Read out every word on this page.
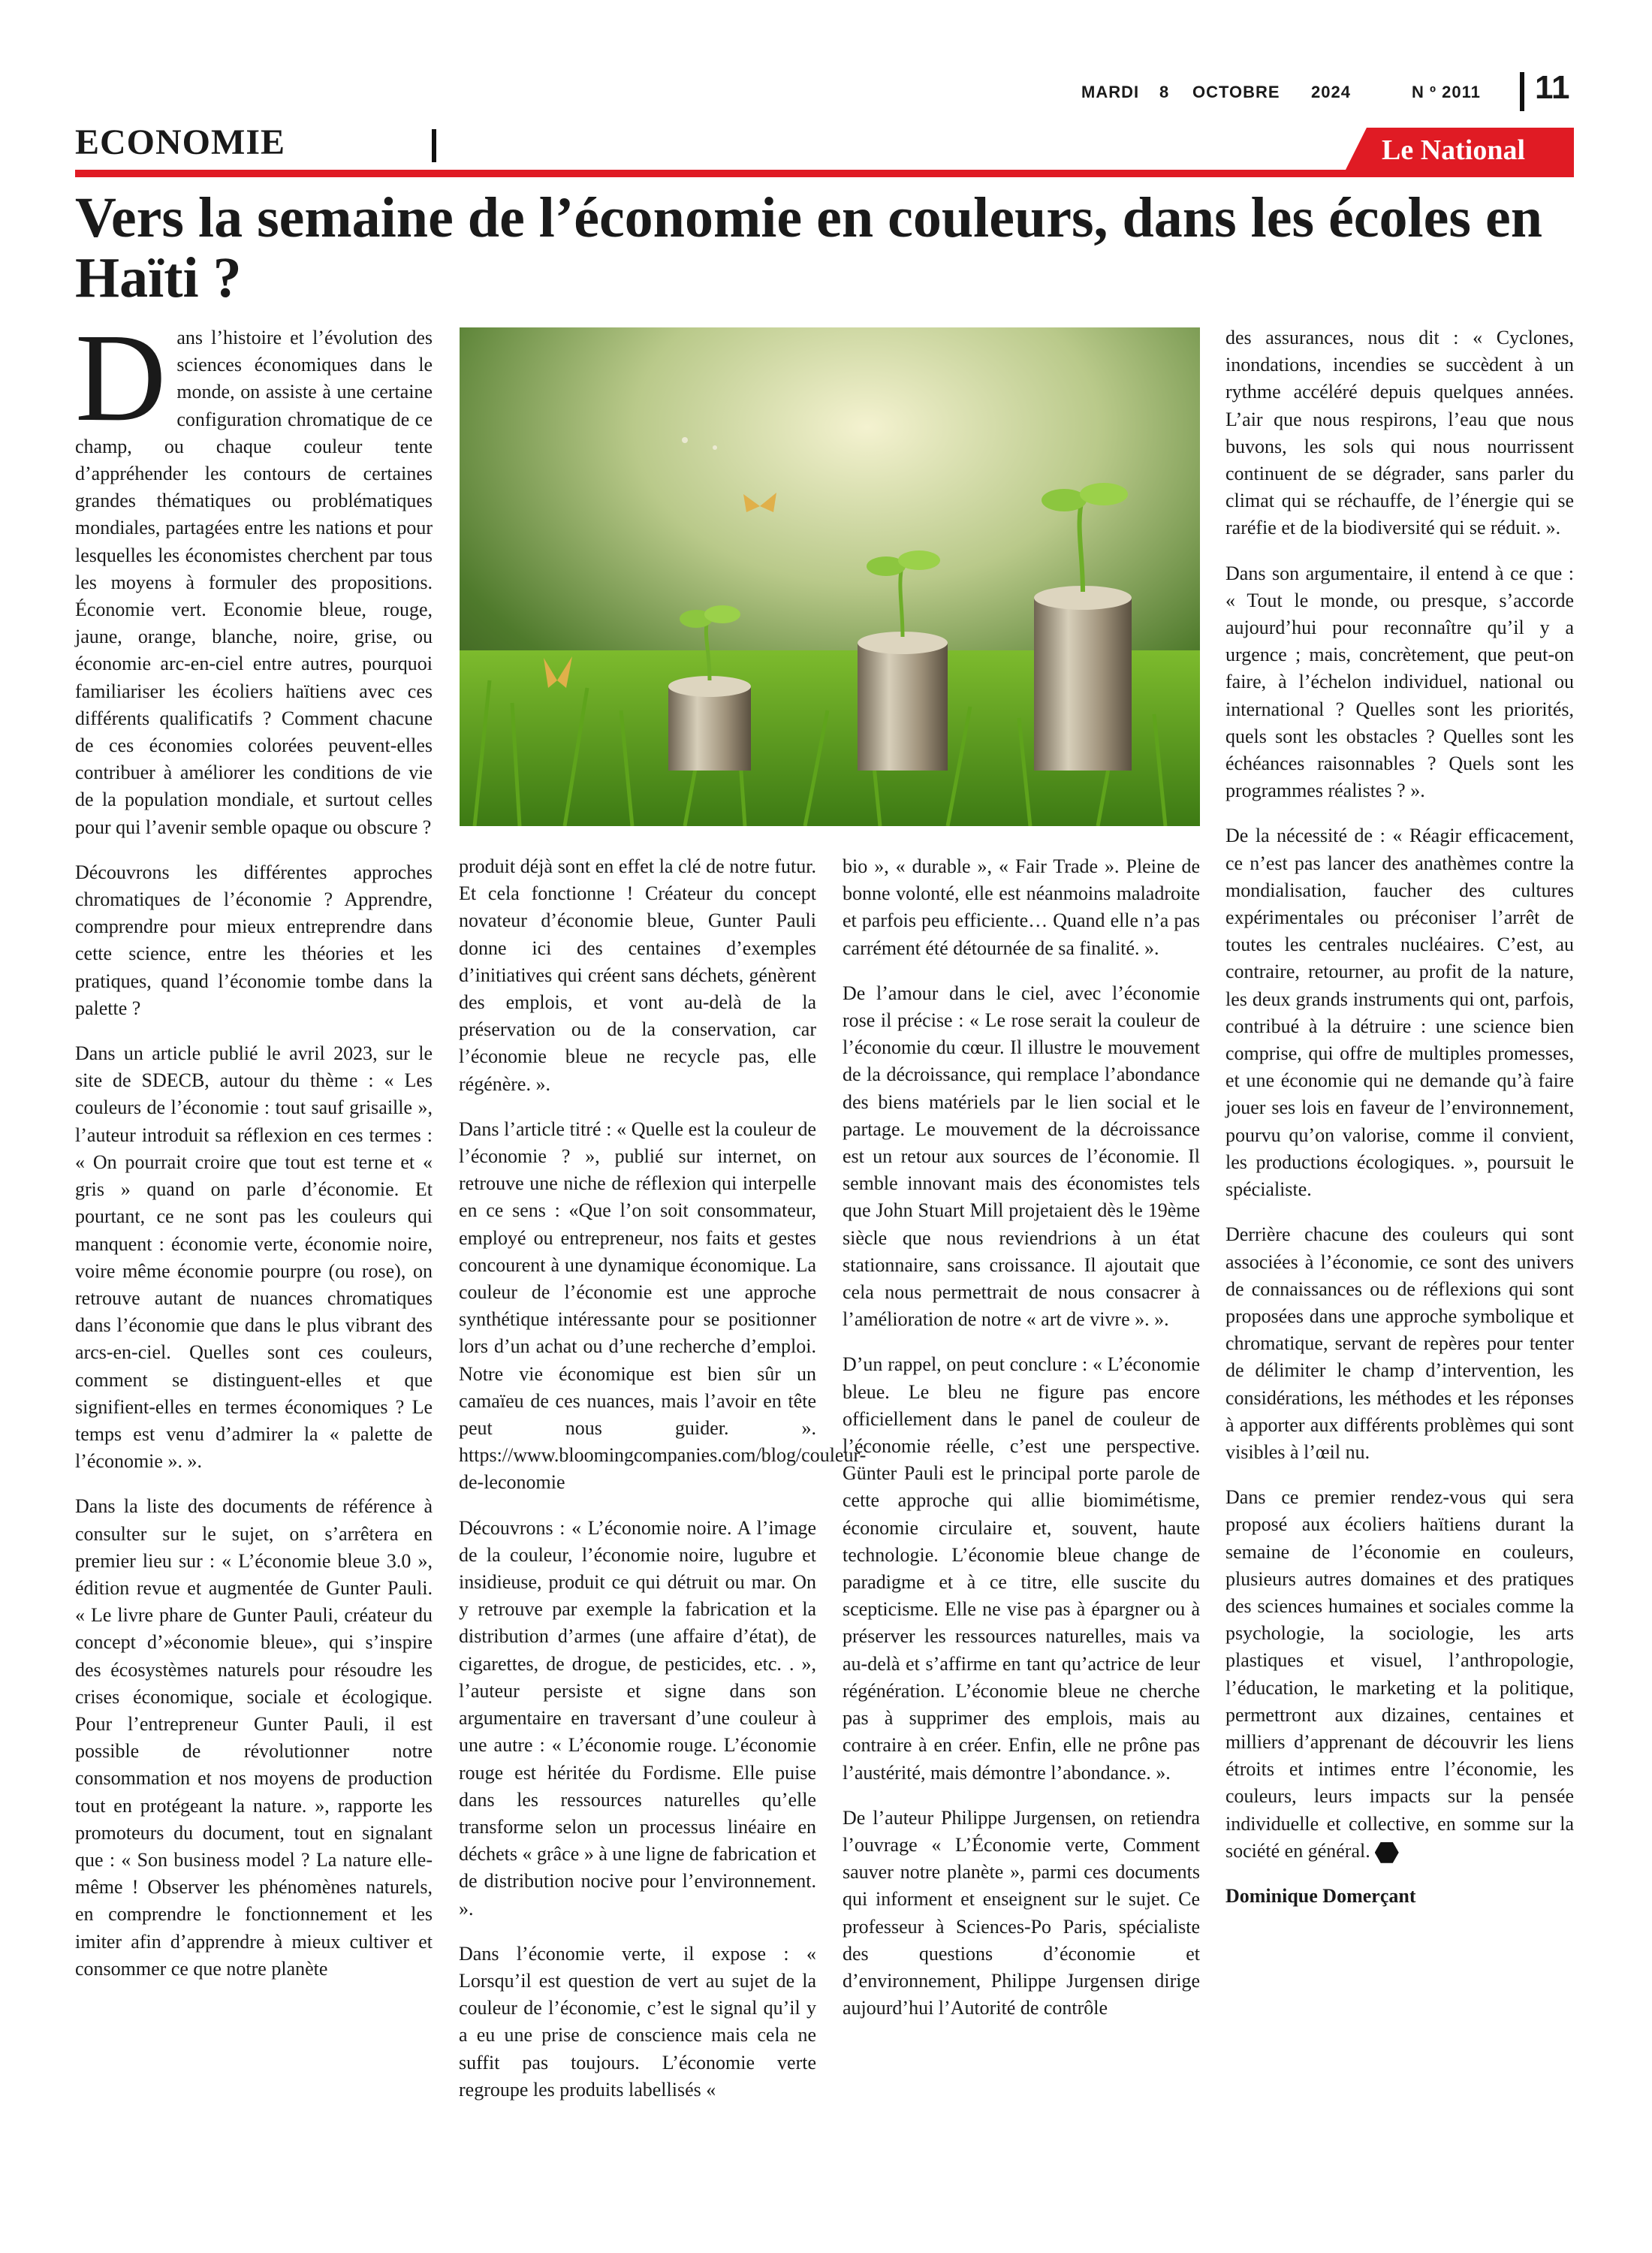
MARDI 8 OCTOBRE 2024	N º 2011 11
ECONOMIE	Le National
Vers la semaine de l’économie en couleurs, dans les écoles en Haïti ?

Dans l’histoire et l’évolution des sciences économiques dans le monde, on assiste à une certaine configuration chromatique de ce champ, ou chaque couleur tente d’appréhender les contours de certaines grandes thématiques ou problématiques mondiales, partagées entre les nations et pour lesquelles les économistes cherchent par tous les moyens à formuler des propositions. Économie vert. Economie bleue, rouge, jaune, orange, blanche, noire, grise, ou économie arc-en-ciel entre autres, pourquoi familiariser les écoliers haïtiens avec ces différents qualificatifs ? Comment chacune de ces économies colorées peuvent-elles contribuer à améliorer les conditions de vie de la population mondiale, et surtout celles pour qui l’avenir semble opaque ou obscure ?

Découvrons les différentes approches chromatiques de l’économie ? Apprendre, comprendre pour mieux entreprendre dans cette science, entre les théories et les pratiques, quand l’économie tombe dans la palette ?

Dans un article publié le avril 2023, sur le site de SDECB, autour du thème : « Les couleurs de l’économie : tout sauf grisaille », l’auteur introduit sa réflexion en ces termes : « On pourrait croire que tout est terne et « gris » quand on parle d’économie. Et pourtant, ce ne sont pas les couleurs qui manquent : économie verte, économie noire, voire même économie pourpre (ou rose), on retrouve autant de nuances chromatiques dans l’économie que dans le plus vibrant des arcs-en-ciel. Quelles sont ces couleurs, comment se distinguent-elles et que signifient-elles en termes économiques ? Le temps est venu d’admirer la « palette de l’économie ». ».

Dans la liste des documents de référence à consulter sur le sujet, on s’arrêtera en premier lieu sur : « L’économie bleue 3.0 », édition revue et augmentée de Gunter Pauli. « Le livre phare de Gunter Pauli, créateur du concept d’»économie bleue», qui s’inspire des écosystèmes naturels pour résoudre les crises économique, sociale et écologique. Pour l’entrepreneur Gunter Pauli, il est possible de révolutionner notre consommation et nos moyens de production tout en protégeant la nature. », rapporte les promoteurs du document, tout en signalant que : « Son business model ? La nature elle-même ! Observer les phénomènes naturels, en comprendre le fonctionnement et les imiter afin d’apprendre à mieux cultiver et consommer ce que notre planète

produit déjà sont en effet la clé de notre futur. Et cela fonctionne ! Créateur du concept novateur d’économie bleue, Gunter Pauli donne ici des centaines d’exemples d’initiatives qui créent sans déchets, génèrent des emplois, et vont au-delà de la préservation ou de la conservation, car l’économie bleue ne recycle pas, elle régénère. ».

Dans l’article titré : « Quelle est la couleur de l’économie ? », publié sur internet, on retrouve une niche de réflexion qui interpelle en ce sens : «Que l’on soit consommateur, employé ou entrepreneur, nos faits et gestes concourent à une dynamique économique. La couleur de l’économie est une approche synthétique intéressante pour se positionner lors d’un achat ou d’une recherche d’emploi. Notre vie économique est bien sûr un camaïeu de ces nuances, mais l’avoir en tête peut nous guider. ». https://www.bloomingcompanies.com/blog/couleur-de-leconomie

Découvrons : « L’économie noire. A l’image de la couleur, l’économie noire, lugubre et insidieuse, produit ce qui détruit ou mar. On y retrouve par exemple la fabrication et la distribution d’armes (une affaire d’état), de cigarettes, de drogue, de pesticides, etc. . », l’auteur persiste et signe dans son argumentaire en traversant d’une couleur à une autre : « L’économie rouge. L’économie rouge est héritée du Fordisme. Elle puise dans les ressources naturelles qu’elle transforme selon un processus linéaire en déchets « grâce » à une ligne de fabrication et de distribution nocive pour l’environnement. ».

Dans l’économie verte, il expose : « Lorsqu’il est question de vert au sujet de la couleur de l’économie, c’est le signal qu’il y a eu une prise de conscience mais cela ne suffit pas toujours. L’économie verte regroupe les produits labellisés «

bio », « durable », « Fair Trade ». Pleine de bonne volonté, elle est néanmoins maladroite et parfois peu efficiente… Quand elle n’a pas carrément été détournée de sa finalité. ».

De l’amour dans le ciel, avec l’économie rose il précise : « Le rose serait la couleur de l’économie du cœur. Il illustre le mouvement de la décroissance, qui remplace l’abondance des biens matériels par le lien social et le partage. Le mouvement de la décroissance est un retour aux sources de l’économie. Il semble innovant mais des économistes tels que John Stuart Mill projetaient dès le 19ème siècle que nous reviendrions à un état stationnaire, sans croissance. Il ajoutait que cela nous permettrait de nous consacrer à l’amélioration de notre « art de vivre ». ».

D’un rappel, on peut conclure : « L’économie bleue. Le bleu ne figure pas encore officiellement dans le panel de couleur de l’économie réelle, c’est une perspective. Günter Pauli est le principal porte parole de cette approche qui allie biomimétisme, économie circulaire et, souvent, haute technologie. L’économie bleue change de paradigme et à ce titre, elle suscite du scepticisme. Elle ne vise pas à épargner ou à préserver les ressources naturelles, mais va au-delà et s’affirme en tant qu’actrice de leur régénération. L’économie bleue ne cherche pas à supprimer des emplois, mais au contraire à en créer. Enfin, elle ne prône pas l’austérité, mais démontre l’abondance. ».

De l’auteur Philippe Jurgensen, on retiendra l’ouvrage « L’Économie verte, Comment sauver notre planète », parmi ces documents qui informent et enseignent sur le sujet. Ce professeur à Sciences-Po Paris, spécialiste des questions d’économie et d’environnement, Philippe Jurgensen dirige aujourd’hui l’Autorité de contrôle

des assurances, nous dit : « Cyclones, inondations, incendies se succèdent à un rythme accéléré depuis quelques années. L’air que nous respirons, l’eau que nous buvons, les sols qui nous nourrissent continuent de se dégrader, sans parler du climat qui se réchauffe, de l’énergie qui se raréfie et de la biodiversité qui se réduit. ».

Dans son argumentaire, il entend à ce que : « Tout le monde, ou presque, s’accorde aujourd’hui pour reconnaître qu’il y a urgence ; mais, concrètement, que peut-on faire, à l’échelon individuel, national ou international ? Quelles sont les priorités, quels sont les obstacles ? Quelles sont les échéances raisonnables ? Quels sont les programmes réalistes ? ».

De la nécessité de : « Réagir efficacement, ce n’est pas lancer des anathèmes contre la mondialisation, faucher des cultures expérimentales ou préconiser l’arrêt de toutes les centrales nucléaires. C’est, au contraire, retourner, au profit de la nature, les deux grands instruments qui ont, parfois, contribué à la détruire : une science bien comprise, qui offre de multiples promesses, et une économie qui ne demande qu’à faire jouer ses lois en faveur de l’environnement, pourvu qu’on valorise, comme il convient, les productions écologiques. », poursuit le spécialiste.

Derrière chacune des couleurs qui sont associées à l’économie, ce sont des univers de connaissances ou de réflexions qui sont proposées dans une approche symbolique et chromatique, servant de repères pour tenter de délimiter le champ d’intervention, les considérations, les méthodes et les réponses à apporter aux différents problèmes qui sont visibles à l’œil nu.

Dans ce premier rendez-vous qui sera proposé aux écoliers haïtiens durant la semaine de l’économie en couleurs, plusieurs autres domaines et des pratiques des sciences humaines et sociales comme la psychologie, la sociologie, les arts plastiques et visuel, l’anthropologie, l’éducation, le marketing et la politique, permettront aux dizaines, centaines et milliers d’apprenant de découvrir les liens étroits et intimes entre l’économie, les couleurs, leurs impacts sur la pensée individuelle et collective, en somme sur la société en général.

Dominique Domerçant
